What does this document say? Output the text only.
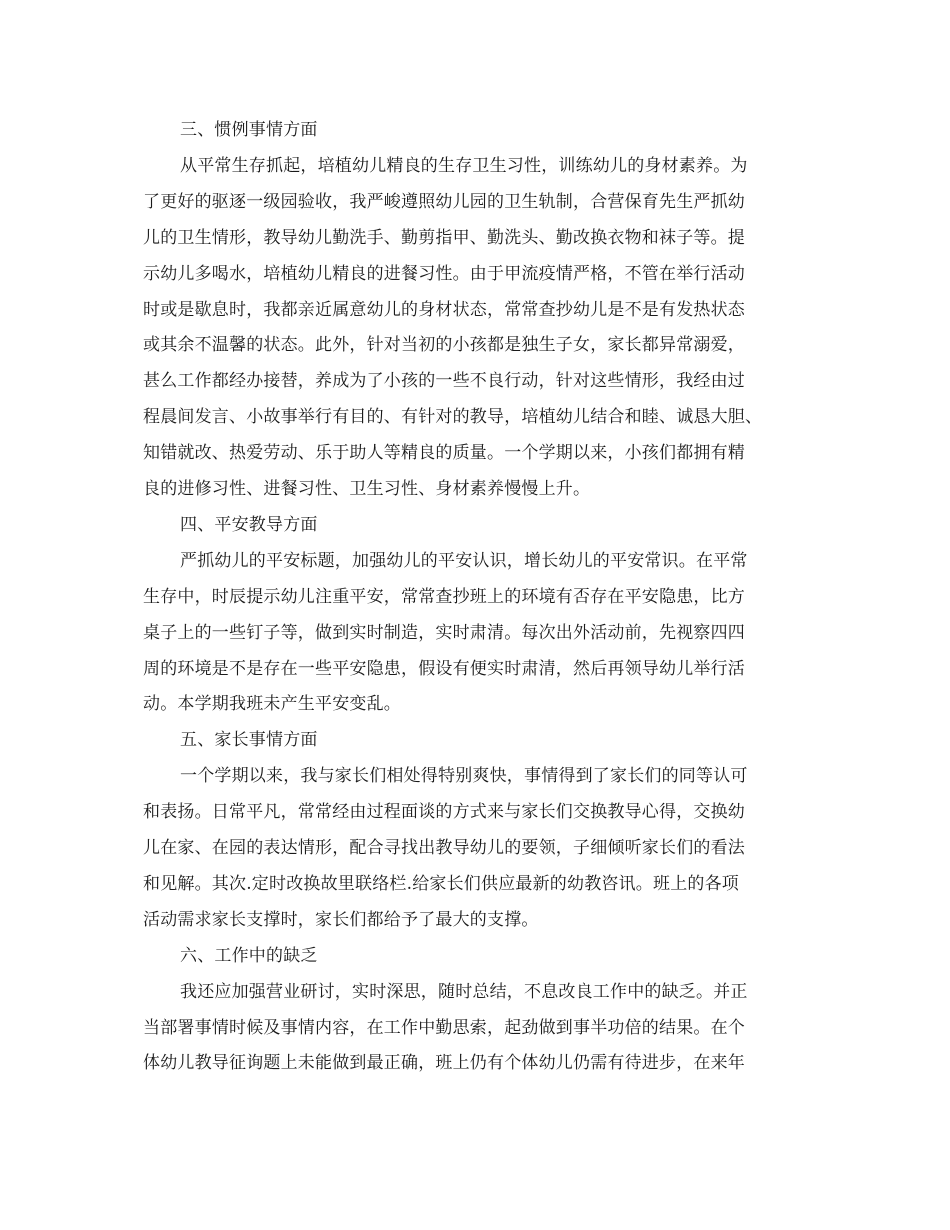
三、惯例事情方面

从平常生存抓起，培植幼儿精良的生存卫生习性，训练幼儿的身材素养。为

了更好的驱逐一级园验收，我严峻遵照幼儿园的卫生轨制，合营保育先生严抓幼

儿的卫生情形，教导幼儿勤洗手、勤剪指甲、勤洗头、勤改换衣物和袜子等。提

示幼儿多喝水，培植幼儿精良的进餐习性。由于甲流疫情严格，不管在举行活动

时或是歇息时，我都亲近属意幼儿的身材状态，常常查抄幼儿是不是有发热状态

或其余不温馨的状态。此外，针对当初的小孩都是独生子女，家长都异常溺爱，

甚么工作都经办接替，养成为了小孩的一些不良行动，针对这些情形，我经由过

程晨间发言、小故事举行有目的、有针对的教导，培植幼儿结合和睦、诚恳大胆、

知错就改、热爱劳动、乐于助人等精良的质量。一个学期以来，小孩们都拥有精

良的进修习性、进餐习性、卫生习性、身材素养慢慢上升。

四、平安教导方面

严抓幼儿的平安标题，加强幼儿的平安认识，增长幼儿的平安常识。在平常

生存中，时辰提示幼儿注重平安，常常查抄班上的环境有否存在平安隐患，比方

桌子上的一些钉子等，做到实时制造，实时肃清。每次出外活动前，先视察四四

周的环境是不是存在一些平安隐患，假设有便实时肃清，然后再领导幼儿举行活

动。本学期我班未产生平安变乱。

五、家长事情方面

一个学期以来，我与家长们相处得特别爽快，事情得到了家长们的同等认可

和表扬。日常平凡，常常经由过程面谈的方式来与家长们交换教导心得，交换幼

儿在家、在园的表达情形，配合寻找出教导幼儿的要领，子细倾听家长们的看法

和见解。其次.定时改换故里联络栏.给家长们供应最新的幼教咨讯。班上的各项

活动需求家长支撑时，家长们都给予了最大的支撑。

六、工作中的缺乏

我还应加强营业研讨，实时深思，随时总结，不息改良工作中的缺乏。并正

当部署事情时候及事情内容，在工作中勤思索，起劲做到事半功倍的结果。在个

体幼儿教导征询题上未能做到最正确，班上仍有个体幼儿仍需有待进步，在来年
